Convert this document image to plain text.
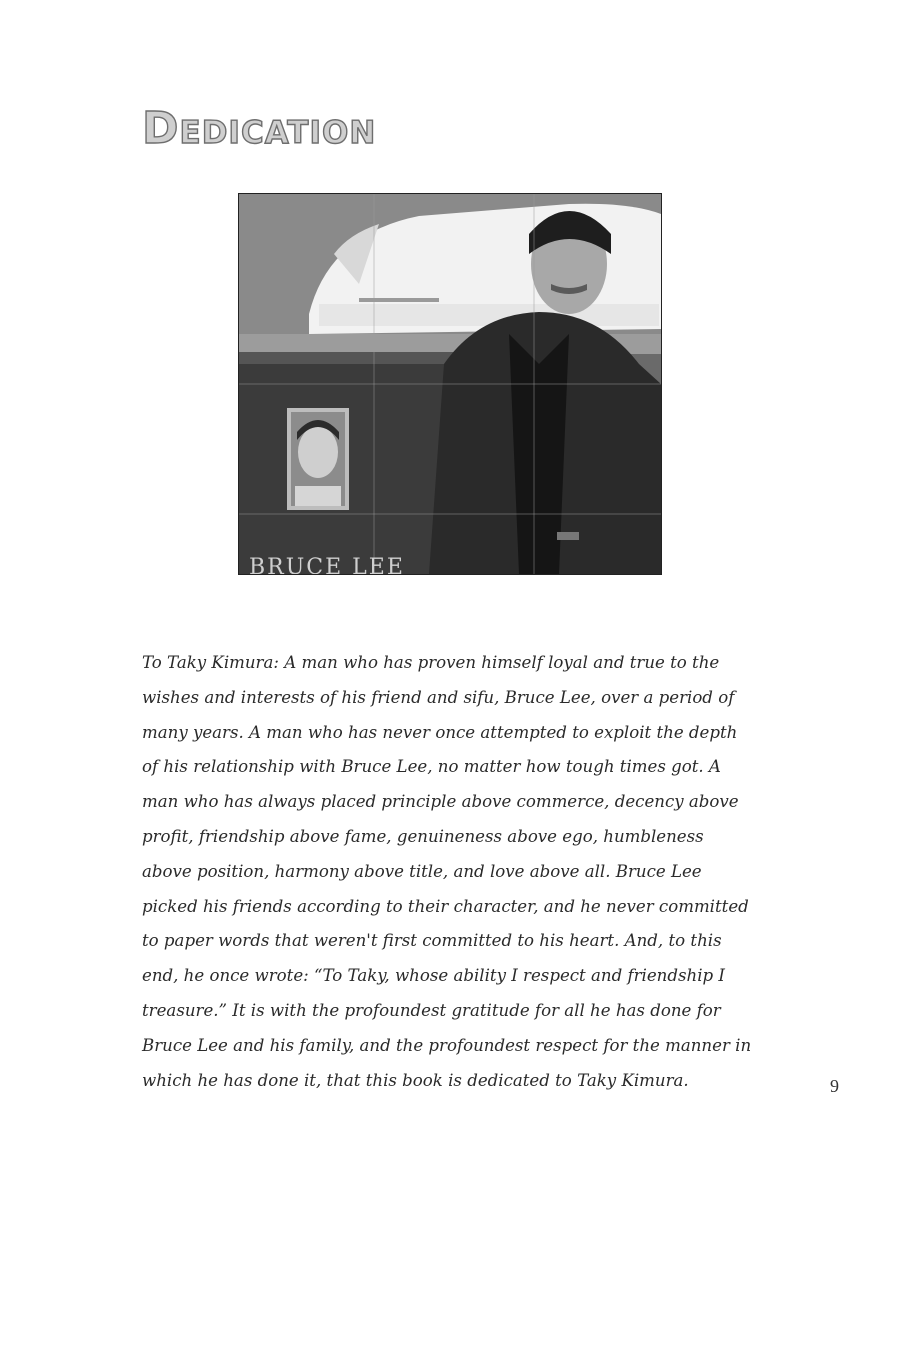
Dedication
BRUCE LEE

To Taky Kimura: A man who has proven himself loyal and true to the wishes and interests of his friend and sifu, Bruce Lee, over a period of many years. A man who has never once attempted to exploit the depth of his relationship with Bruce Lee, no matter how tough times got. A man who has always placed principle above commerce, decency above profit, friendship above fame, genuineness above ego, humbleness above position, harmony above title, and love above all. Bruce Lee picked his friends according to their character, and he never committed to paper words that weren't first committed to his heart. And, to this end, he once wrote: “To Taky, whose ability I respect and friendship I treasure.” It is with the profoundest gratitude for all he has done for Bruce Lee and his family, and the profoundest respect for the manner in which he has done it, that this book is dedicated to Taky Kimura.	9
